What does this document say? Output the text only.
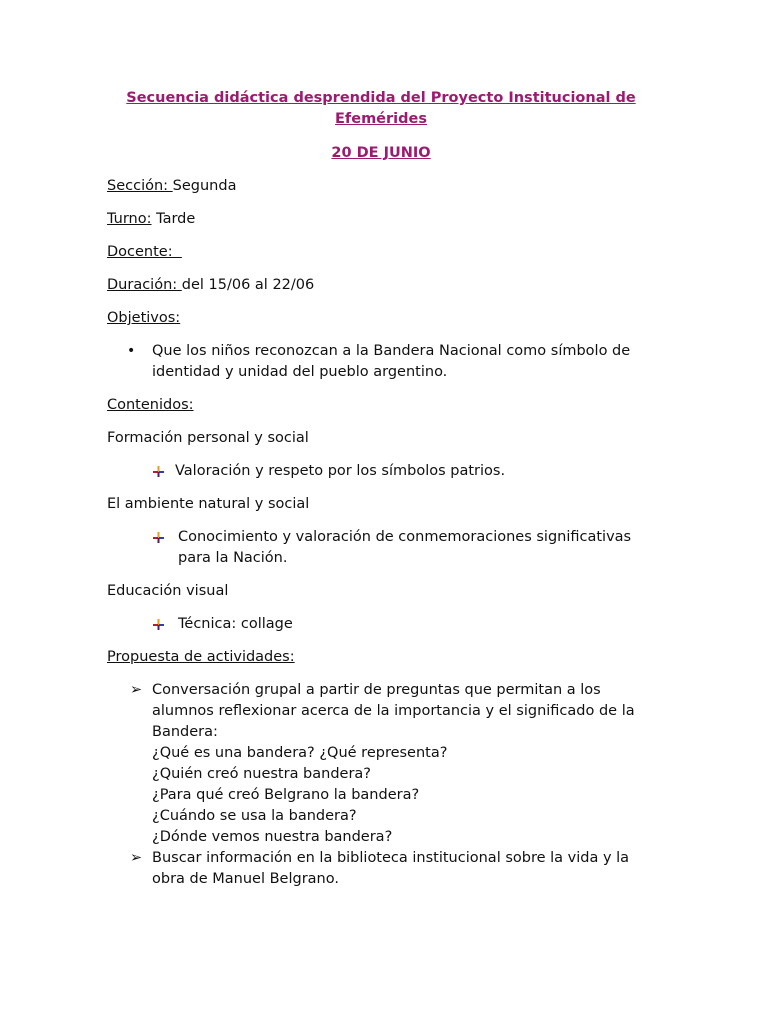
Secuencia didáctica desprendida del Proyecto Institucional de Efemérides

20 DE JUNIO

Sección: Segunda

Turno: Tarde

Docente:

Duración: del 15/06 al 22/06

Objetivos:

• Que los niños reconozcan a la Bandera Nacional como símbolo de identidad y unidad del pueblo argentino.

Contenidos:

Formación personal y social

Valoración y respeto por los símbolos patrios.

El ambiente natural y social

Conocimiento y valoración de conmemoraciones significativas para la Nación.

Educación visual

Técnica: collage

Propuesta de actividades:

➢ Conversación grupal a partir de preguntas que permitan a los alumnos reflexionar acerca de la importancia y el significado de la Bandera:
¿Qué es una bandera? ¿Qué representa?
¿Quién creó nuestra bandera?
¿Para qué creó Belgrano la bandera?
¿Cuándo se usa la bandera?
¿Dónde vemos nuestra bandera?
➢ Buscar información en la biblioteca institucional sobre la vida y la obra de Manuel Belgrano.
